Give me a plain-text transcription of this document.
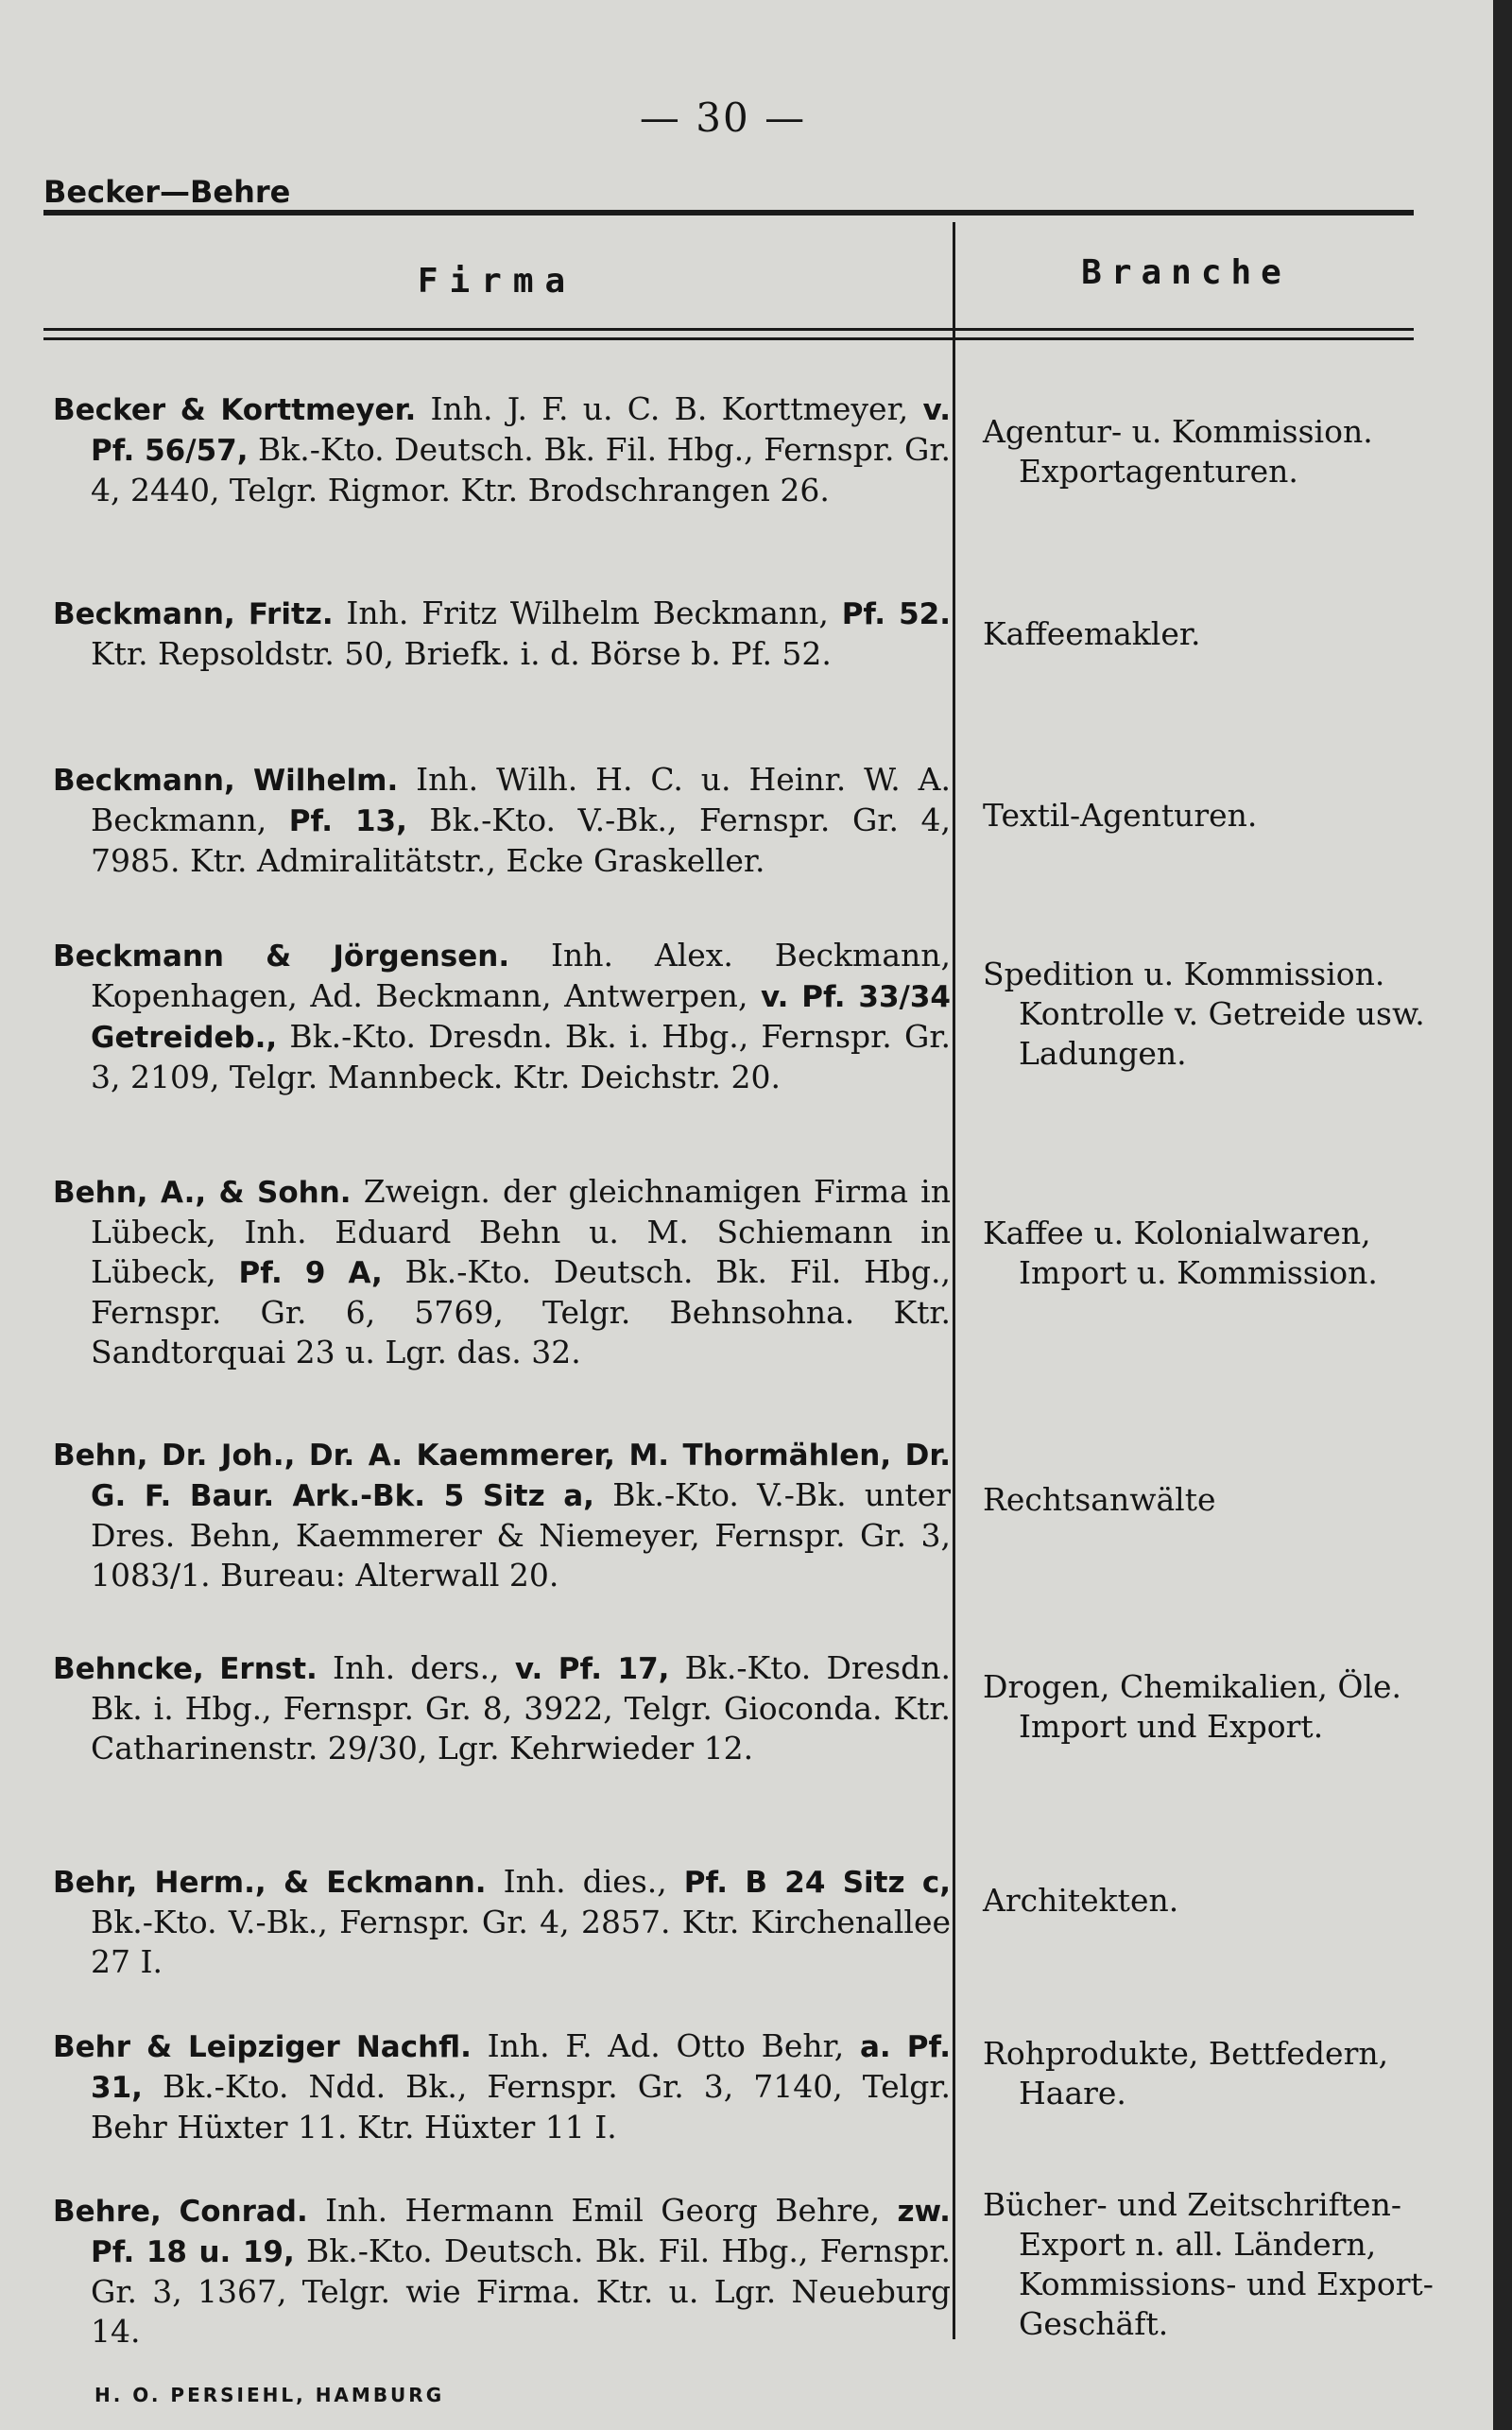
— 30 —
Becker—Behre
Firma	Branche

Becker & Korttmeyer. Inh. J. F. u. C. B. Korttmeyer, v. Pf. 56/57, Bk.-Kto. Deutsch. Bk. Fil. Hbg., Fernspr. Gr. 4, 2440, Telgr. Rigmor. Ktr. Brodschrangen 26.

Agentur- u. Kommission.
Exportagenturen.

Beckmann, Fritz. Inh. Fritz Wilhelm Beckmann, Pf. 52. Ktr. Repsoldstr. 50, Briefk. i. d. Börse b. Pf. 52.

Kaffeemakler.

Beckmann, Wilhelm. Inh. Wilh. H. C. u. Heinr. W. A. Beckmann, Pf. 13, Bk.-Kto. V.-Bk., Fernspr. Gr. 4, 7985. Ktr. Admiralitätstr., Ecke Graskeller.

Textil-Agenturen.

Beckmann & Jörgensen. Inh. Alex. Beckmann, Kopenhagen, Ad. Beckmann, Antwerpen, v. Pf. 33/34 Getreideb., Bk.-Kto. Dresdn. Bk. i. Hbg., Fernspr. Gr. 3, 2109, Telgr. Mannbeck. Ktr. Deichstr. 20.

Spedition u. Kommission.
Kontrolle v. Getreide usw. Ladungen.

Behn, A., & Sohn. Zweign. der gleichnamigen Firma in Lübeck, Inh. Eduard Behn u. M. Schiemann in Lübeck, Pf. 9 A, Bk.-Kto. Deutsch. Bk. Fil. Hbg., Fernspr. Gr. 6, 5769, Telgr. Behnsohna. Ktr. Sandtorquai 23 u. Lgr. das. 32.

Kaffee u. Kolonialwaren,
Import u. Kommission.

Behn, Dr. Joh., Dr. A. Kaemmerer, M. Thormählen, Dr. G. F. Baur. Ark.-Bk. 5 Sitz a, Bk.-Kto. V.-Bk. unter Dres. Behn, Kaemmerer & Niemeyer, Fernspr. Gr. 3, 1083/1. Bureau: Alterwall 20.

Rechtsanwälte

Behncke, Ernst. Inh. ders., v. Pf. 17, Bk.-Kto. Dresdn. Bk. i. Hbg., Fernspr. Gr. 8, 3922, Telgr. Gioconda. Ktr. Catharinenstr. 29/30, Lgr. Kehrwieder 12.

Drogen, Chemikalien, Öle.
Import und Export.

Behr, Herm., & Eckmann. Inh. dies., Pf. B 24 Sitz c, Bk.-Kto. V.-Bk., Fernspr. Gr. 4, 2857. Ktr. Kirchenallee 27 I.

Architekten.

Behr & Leipziger Nachfl. Inh. F. Ad. Otto Behr, a. Pf. 31, Bk.-Kto. Ndd. Bk., Fernspr. Gr. 3, 7140, Telgr. Behr Hüxter 11. Ktr. Hüxter 11 I.

Rohprodukte, Bettfedern,
Haare.

Behre, Conrad. Inh. Hermann Emil Georg Behre, zw. Pf. 18 u. 19, Bk.-Kto. Deutsch. Bk. Fil. Hbg., Fernspr. Gr. 3, 1367, Telgr. wie Firma. Ktr. u. Lgr. Neueburg 14.

Bücher- und Zeitschriften-
Export n. all. Ländern, Kommissions- und Export-Geschäft.
H. O. PERSIEHL, HAMBURG
